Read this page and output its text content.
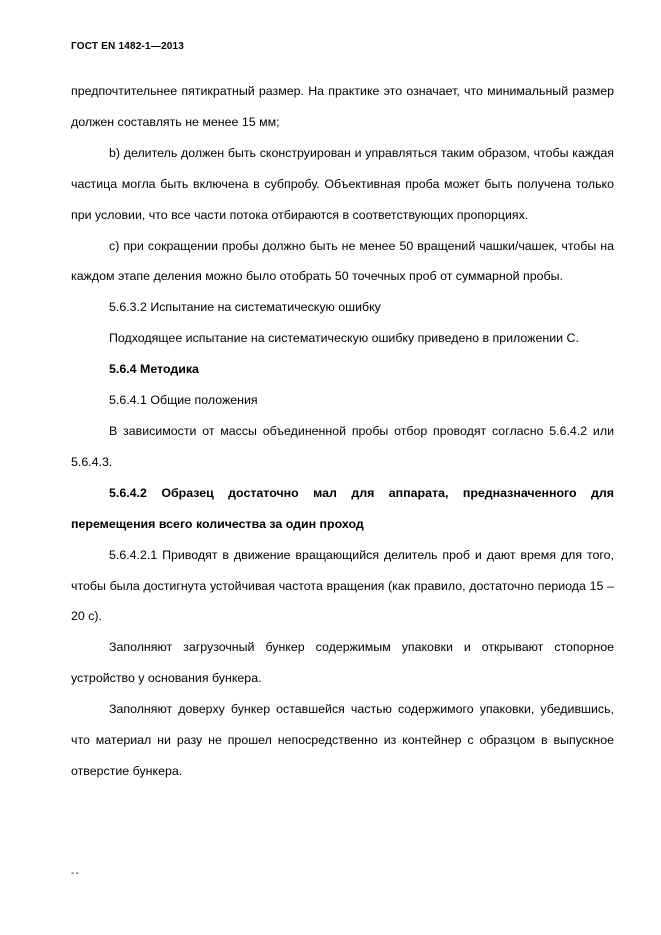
ГОСТ EN 1482-1—2013

предпочтительнее пятикратный размер. На практике это означает, что минимальный размер должен составлять не менее 15 мм;

b) делитель должен быть сконструирован и управляться таким образом, чтобы каждая частица могла быть включена в субпробу. Объективная проба может быть получена только при условии, что все части потока отбираются в соответствующих пропорциях.

c) при сокращении пробы должно быть не менее 50 вращений чашки/чашек, чтобы на каждом этапе деления можно было отобрать 50 точечных проб от суммарной пробы.

5.6.3.2 Испытание на систематическую ошибку

Подходящее испытание на систематическую ошибку приведено в приложении С.

5.6.4 Методика

5.6.4.1 Общие положения

В зависимости от массы объединенной пробы отбор проводят согласно 5.6.4.2 или 5.6.4.3.

5.6.4.2 Образец достаточно мал для аппарата, предназначенного для перемещения всего количества за один проход

5.6.4.2.1 Приводят в движение вращающийся делитель проб и дают время для того, чтобы была достигнута устойчивая частота вращения (как правило, достаточно периода 15 – 20 с).

Заполняют загрузочный бункер содержимым упаковки и открывают стопорное устройство у основания бункера.

Заполняют доверху бункер оставшейся частью содержимого упаковки, убедившись, что материал ни разу не прошел непосредственно из контейнер с образцом в выпускное отверстие бункера.

--
